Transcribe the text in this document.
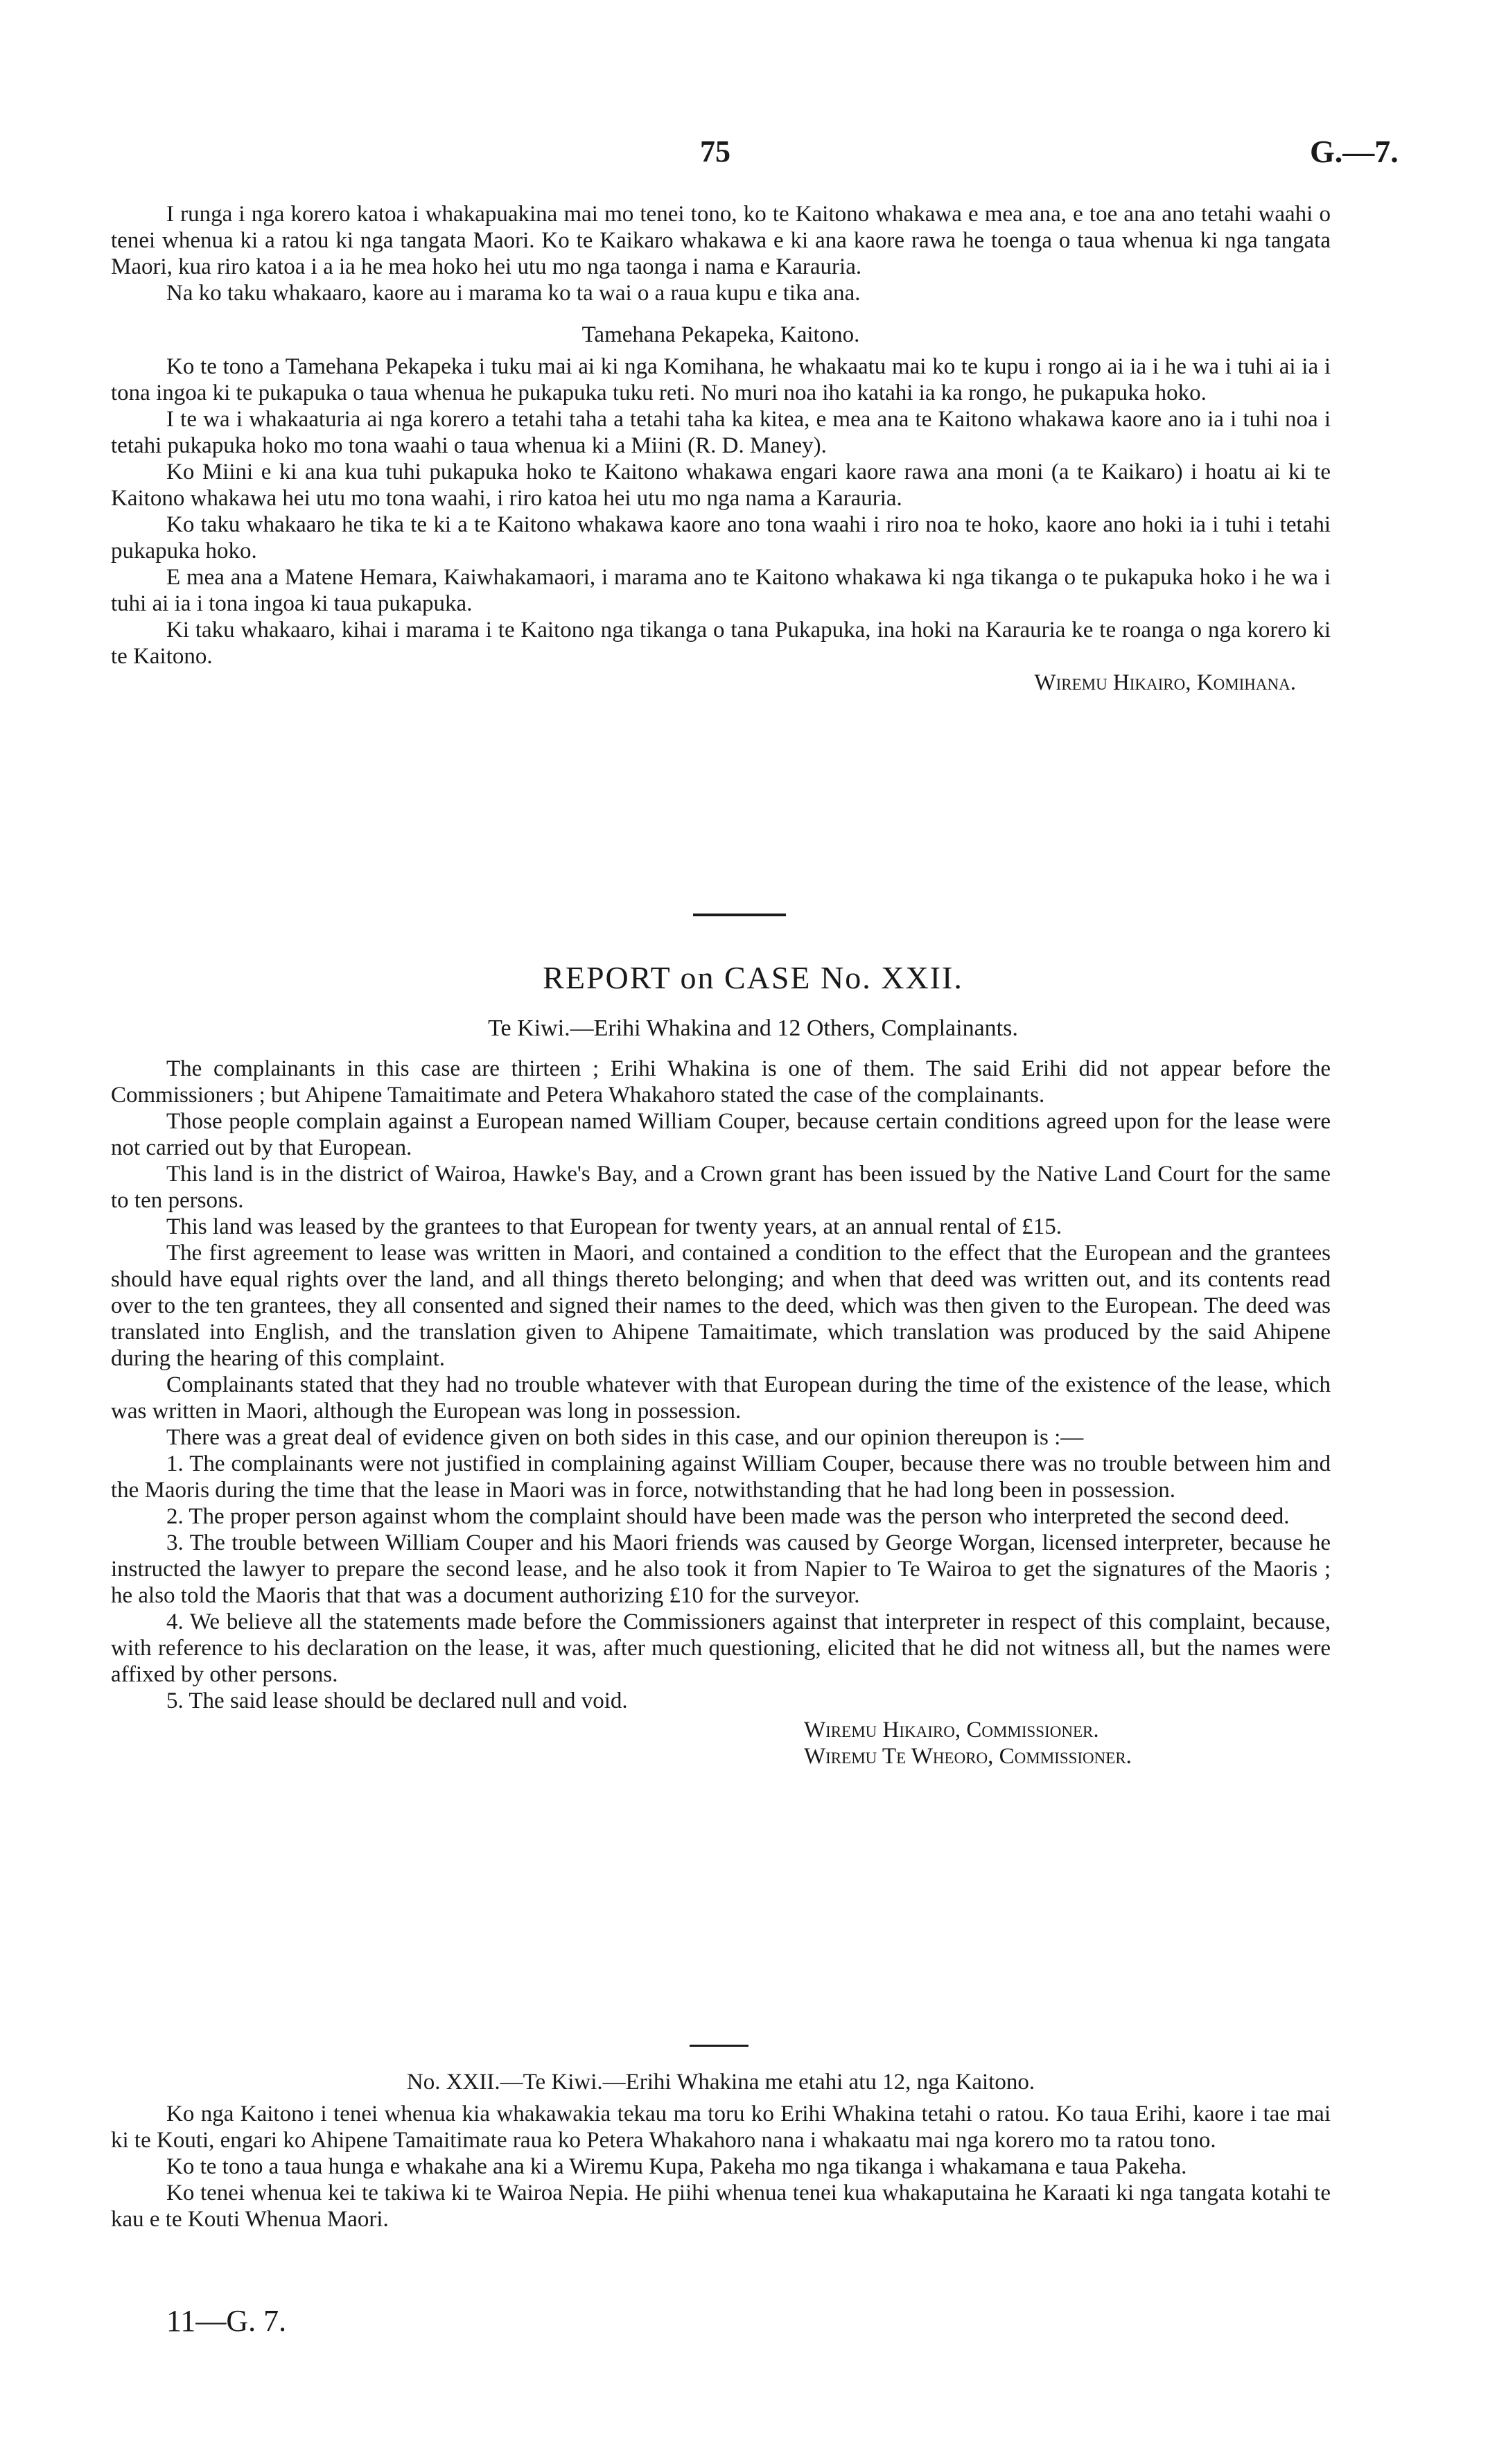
75	G.—7.

I runga i nga korero katoa i whakapuakina mai mo tenei tono, ko te Kaitono whakawa e mea ana, e toe ana ano tetahi waahi o tenei whenua ki a ratou ki nga tangata Maori. Ko te Kaikaro whakawa e ki ana kaore rawa he toenga o taua whenua ki nga tangata Maori, kua riro katoa i a ia he mea hoko hei utu mo nga taonga i nama e Karauria.

Na ko taku whakaaro, kaore au i marama ko ta wai o a raua kupu e tika ana.

Tamehana Pekapeka, Kaitono.

Ko te tono a Tamehana Pekapeka i tuku mai ai ki nga Komihana, he whakaatu mai ko te kupu i rongo ai ia i he wa i tuhi ai ia i tona ingoa ki te pukapuka o taua whenua he pukapuka tuku reti. No muri noa iho katahi ia ka rongo, he pukapuka hoko.

I te wa i whakaaturia ai nga korero a tetahi taha a tetahi taha ka kitea, e mea ana te Kaitono whakawa kaore ano ia i tuhi noa i tetahi pukapuka hoko mo tona waahi o taua whenua ki a Miini (R. D. Maney).

Ko Miini e ki ana kua tuhi pukapuka hoko te Kaitono whakawa engari kaore rawa ana moni (a te Kaikaro) i hoatu ai ki te Kaitono whakawa hei utu mo tona waahi, i riro katoa hei utu mo nga nama a Karauria.

Ko taku whakaaro he tika te ki a te Kaitono whakawa kaore ano tona waahi i riro noa te hoko, kaore ano hoki ia i tuhi i tetahi pukapuka hoko.

E mea ana a Matene Hemara, Kaiwhakamaori, i marama ano te Kaitono whakawa ki nga tikanga o te pukapuka hoko i he wa i tuhi ai ia i tona ingoa ki taua pukapuka.

Ki taku whakaaro, kihai i marama i te Kaitono nga tikanga o tana Pukapuka, ina hoki na Karauria ke te roanga o nga korero ki te Kaitono.

Wiremu Hikairo, Komihana.

REPORT on CASE No. XXII.
Te Kiwi.—Erihi Whakina and 12 Others, Complainants.

The complainants in this case are thirteen ; Erihi Whakina is one of them. The said Erihi did not appear before the Commissioners ; but Ahipene Tamaitimate and Petera Whakahoro stated the case of the complainants.

Those people complain against a European named William Couper, because certain conditions agreed upon for the lease were not carried out by that European.

This land is in the district of Wairoa, Hawke's Bay, and a Crown grant has been issued by the Native Land Court for the same to ten persons.

This land was leased by the grantees to that European for twenty years, at an annual rental of £15.

The first agreement to lease was written in Maori, and contained a condition to the effect that the European and the grantees should have equal rights over the land, and all things thereto belonging; and when that deed was written out, and its contents read over to the ten grantees, they all consented and signed their names to the deed, which was then given to the European. The deed was translated into English, and the translation given to Ahipene Tamaitimate, which translation was produced by the said Ahipene during the hearing of this complaint.

Complainants stated that they had no trouble whatever with that European during the time of the existence of the lease, which was written in Maori, although the European was long in possession.

There was a great deal of evidence given on both sides in this case, and our opinion thereupon is :—

1. The complainants were not justified in complaining against William Couper, because there was no trouble between him and the Maoris during the time that the lease in Maori was in force, notwithstanding that he had long been in possession.

2. The proper person against whom the complaint should have been made was the person who interpreted the second deed.

3. The trouble between William Couper and his Maori friends was caused by George Worgan, licensed interpreter, because he instructed the lawyer to prepare the second lease, and he also took it from Napier to Te Wairoa to get the signatures of the Maoris ; he also told the Maoris that that was a document authorizing £10 for the surveyor.

4. We believe all the statements made before the Commissioners against that interpreter in respect of this complaint, because, with reference to his declaration on the lease, it was, after much questioning, elicited that he did not witness all, but the names were affixed by other persons.

5. The said lease should be declared null and void.

Wiremu Hikairo, Commissioner.

Wiremu Te Wheoro, Commissioner.

No. XXII.—Te Kiwi.—Erihi Whakina me etahi atu 12, nga Kaitono.

Ko nga Kaitono i tenei whenua kia whakawakia tekau ma toru ko Erihi Whakina tetahi o ratou. Ko taua Erihi, kaore i tae mai ki te Kouti, engari ko Ahipene Tamaitimate raua ko Petera Whakahoro nana i whakaatu mai nga korero mo ta ratou tono.

Ko te tono a taua hunga e whakahe ana ki a Wiremu Kupa, Pakeha mo nga tikanga i whakamana e taua Pakeha.

Ko tenei whenua kei te takiwa ki te Wairoa Nepia. He piihi whenua tenei kua whakaputaina he Karaati ki nga tangata kotahi te kau e te Kouti Whenua Maori.

11—G. 7.
